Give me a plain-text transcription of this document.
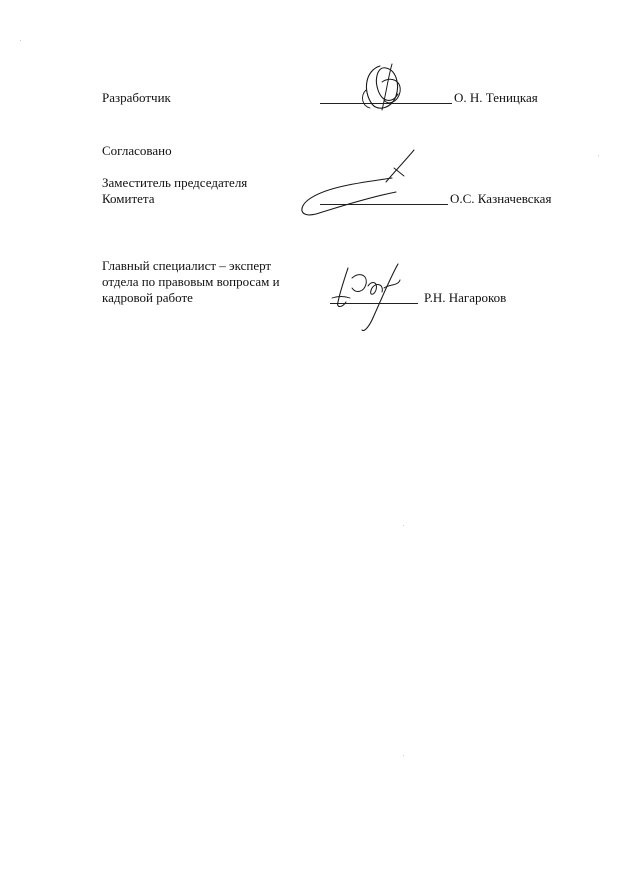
Разработчик	О. Н. Теницкая
Согласовано
Заместитель председателя
Комитета	О.С. Казначевская
Главный специалист – эксперт
отдела по правовым вопросам и
кадровой работе	Р.Н. Нагароков
